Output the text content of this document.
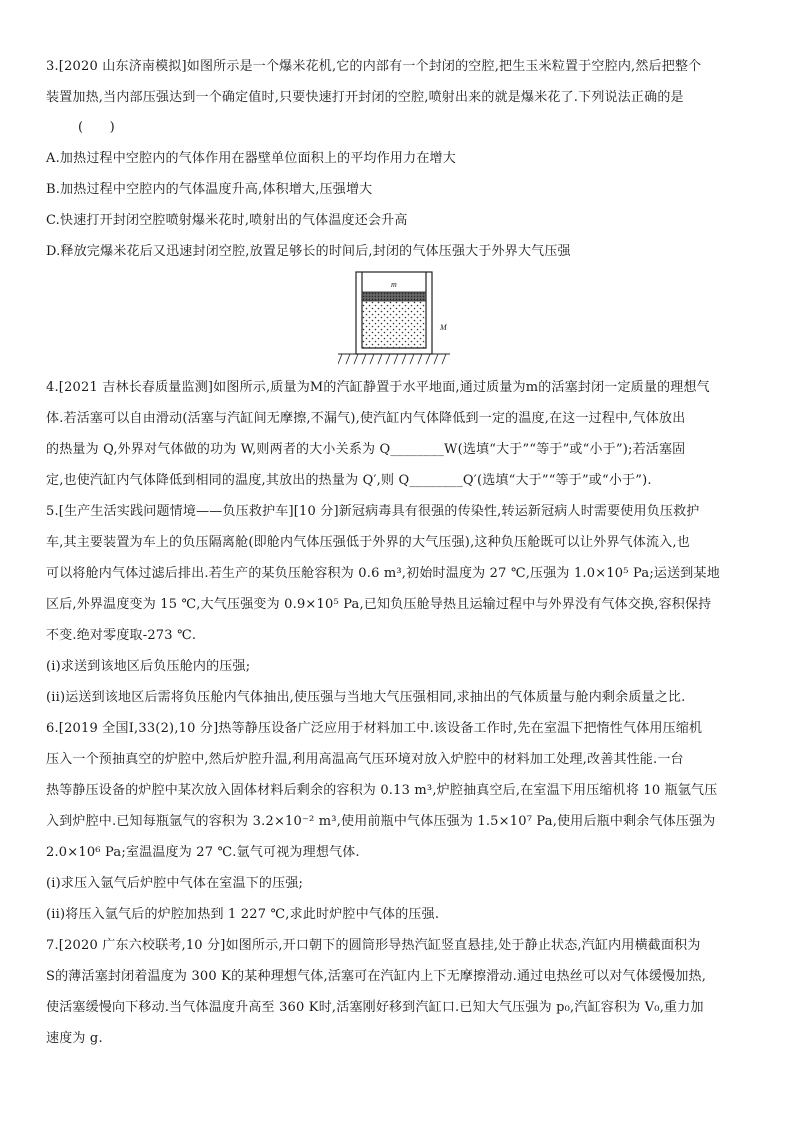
3.[2020 山东济南模拟]如图所示是一个爆米花机,它的内部有一个封闭的空腔,把生玉米粒置于空腔内,然后把整个
装置加热,当内部压强达到一个确定值时,只要快速打开封闭的空腔,喷射出来的就是爆米花了.下列说法正确的是
(　　)
A.加热过程中空腔内的气体作用在器壁单位面积上的平均作用力在增大
B.加热过程中空腔内的气体温度升高,体积增大,压强增大
C.快速打开封闭空腔喷射爆米花时,喷射出的气体温度还会升高
D.释放完爆米花后又迅速封闭空腔,放置足够长的时间后,封闭的气体压强大于外界大气压强
m
M
4.[2021 吉林长春质量监测]如图所示,质量为M的汽缸静置于水平地面,通过质量为m的活塞封闭一定质量的理想气
体.若活塞可以自由滑动(活塞与汽缸间无摩擦,不漏气),使汽缸内气体降低到一定的温度,在这一过程中,气体放出
的热量为 Q,外界对气体做的功为 W,则两者的大小关系为 Q________W(选填“大于”“等于”或“小于”);若活塞固
定,也使汽缸内气体降低到相同的温度,其放出的热量为 Q′,则 Q________Q′(选填“大于”“等于”或“小于”).
5.[生产生活实践问题情境——负压救护车][10 分]新冠病毒具有很强的传染性,转运新冠病人时需要使用负压救护
车,其主要装置为车上的负压隔离舱(即舱内气体压强低于外界的大气压强),这种负压舱既可以让外界气体流入,也
可以将舱内气体过滤后排出.若生产的某负压舱容积为 0.6 m³,初始时温度为 27 ℃,压强为 1.0×10⁵ Pa;运送到某地
区后,外界温度变为 15 ℃,大气压强变为 0.9×10⁵ Pa,已知负压舱导热且运输过程中与外界没有气体交换,容积保持
不变.绝对零度取-273 ℃.
(i)求送到该地区后负压舱内的压强;
(ii)运送到该地区后需将负压舱内气体抽出,使压强与当地大气压强相同,求抽出的气体质量与舱内剩余质量之比.
6.[2019 全国Ⅰ,33(2),10 分]热等静压设备广泛应用于材料加工中.该设备工作时,先在室温下把惰性气体用压缩机
压入一个预抽真空的炉腔中,然后炉腔升温,利用高温高气压环境对放入炉腔中的材料加工处理,改善其性能.一台
热等静压设备的炉腔中某次放入固体材料后剩余的容积为 0.13 m³,炉腔抽真空后,在室温下用压缩机将 10 瓶氩气压
入到炉腔中.已知每瓶氩气的容积为 3.2×10⁻² m³,使用前瓶中气体压强为 1.5×10⁷ Pa,使用后瓶中剩余气体压强为
2.0×10⁶ Pa;室温温度为 27 ℃.氩气可视为理想气体.
(i)求压入氩气后炉腔中气体在室温下的压强;
(ii)将压入氩气后的炉腔加热到 1 227 ℃,求此时炉腔中气体的压强.
7.[2020 广东六校联考,10 分]如图所示,开口朝下的圆筒形导热汽缸竖直悬挂,处于静止状态,汽缸内用横截面积为
S的薄活塞封闭着温度为 300 K的某种理想气体,活塞可在汽缸内上下无摩擦滑动.通过电热丝可以对气体缓慢加热,
使活塞缓慢向下移动.当气体温度升高至 360 K时,活塞刚好移到汽缸口.已知大气压强为 p₀,汽缸容积为 V₀,重力加
速度为 g.
